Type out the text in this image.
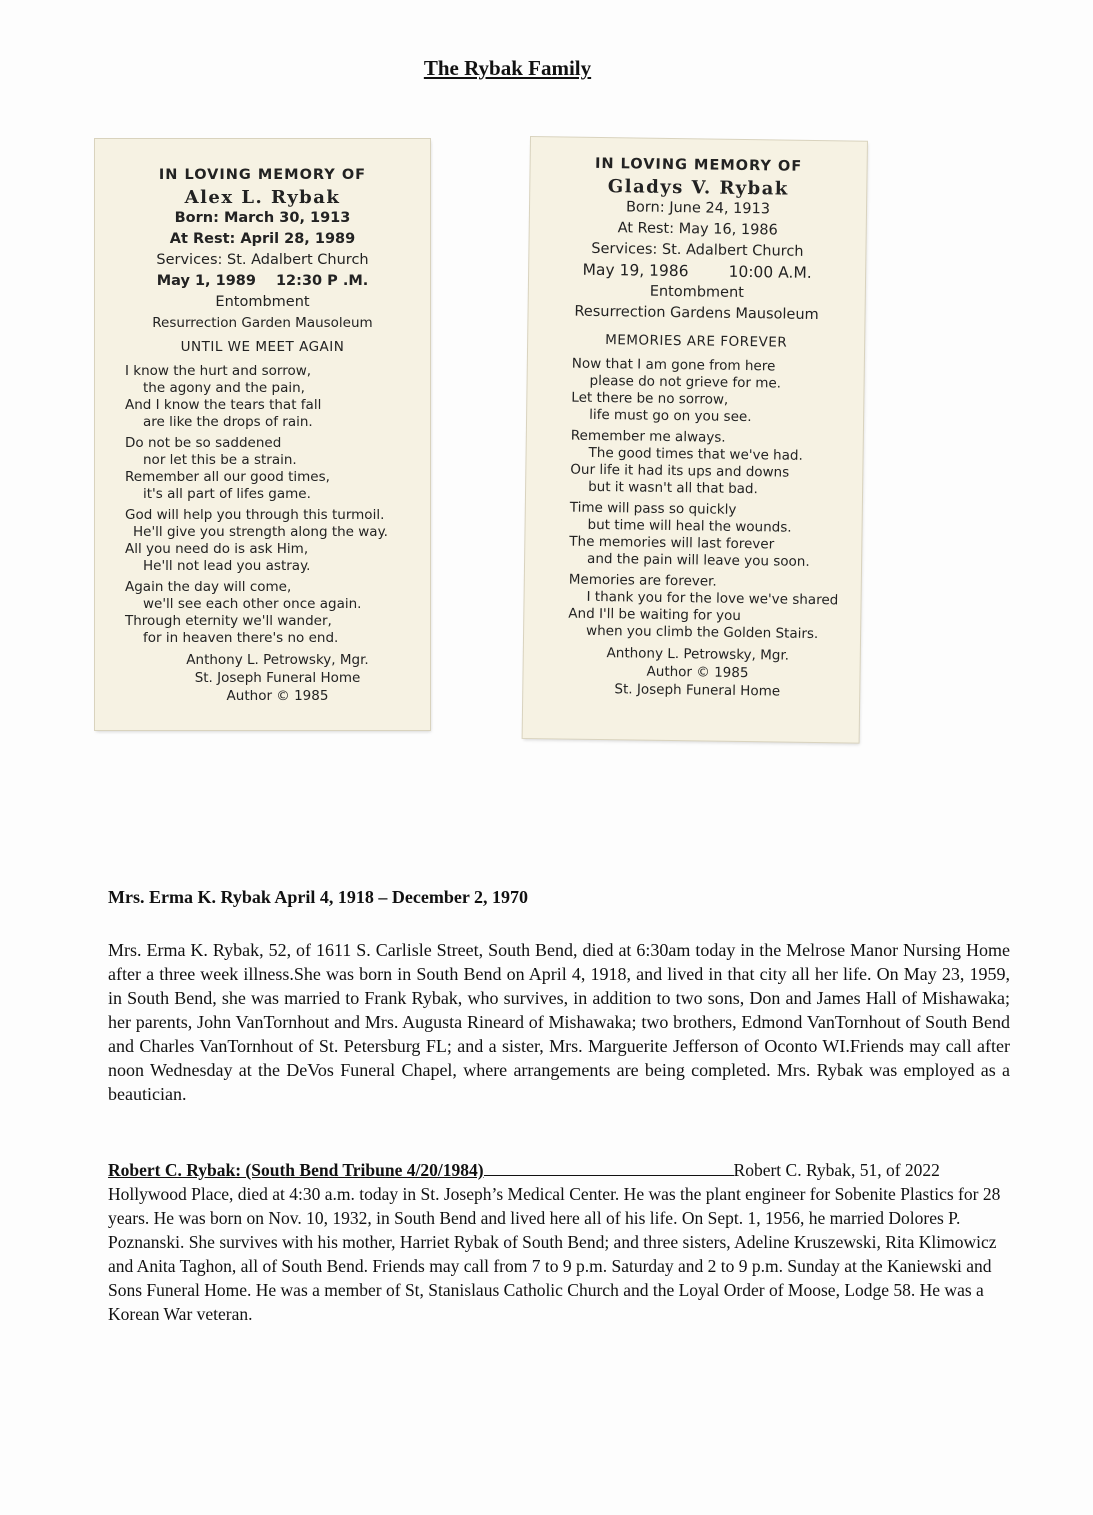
The Rybak Family
IN LOVING MEMORY OF
Alex L. Rybak
Born: March 30, 1913
At Rest: April 28, 1989
Services: St. Adalbert Church
May 1, 1989 12:30 P .M.
Entombment
Resurrection Garden Mausoleum
UNTIL WE MEET AGAIN
I know the hurt and sorrow,
the agony and the pain,
And I know the tears that fall
are like the drops of rain.
Do not be so saddened
nor let this be a strain.
Remember all our good times,
it's all part of lifes game.
God will help you through this turmoil.
He'll give you strength along the way.
All you need do is ask Him,
He'll not lead you astray.
Again the day will come,
we'll see each other once again.
Through eternity we'll wander,
for in heaven there's no end.
Anthony L. Petrowsky, Mgr.
St. Joseph Funeral Home
Author © 1985
IN LOVING MEMORY OF
Gladys V. Rybak
Born: June 24, 1913
At Rest: May 16, 1986
Services: St. Adalbert Church
May 19, 1986	10:00 A.M.
Entombment
Resurrection Gardens Mausoleum
MEMORIES ARE FOREVER
Now that I am gone from here
please do not grieve for me.
Let there be no sorrow,
life must go on you see.
Remember me always.
The good times that we've had.
Our life it had its ups and downs
but it wasn't all that bad.
Time will pass so quickly
but time will heal the wounds.
The memories will last forever
and the pain will leave you soon.
Memories are forever.
I thank you for the love we've shared
And I'll be waiting for you
when you climb the Golden Stairs.
Anthony L. Petrowsky, Mgr.
Author © 1985
St. Joseph Funeral Home
Mrs. Erma K. Rybak April 4, 1918 – December 2, 1970
Mrs. Erma K. Rybak, 52, of 1611 S. Carlisle Street, South Bend, died at 6:30am today in the Melrose Manor Nursing Home after a three week illness.She was born in South Bend on April 4, 1918, and lived in that city all her life. On May 23, 1959, in South Bend, she was married to Frank Rybak, who survives, in addition to two sons, Don and James Hall of Mishawaka; her parents, John VanTornhout and Mrs. Augusta Rineard of Mishawaka; two brothers, Edmond VanTornhout of South Bend and Charles VanTornhout of St. Petersburg FL; and a sister, Mrs. Marguerite Jefferson of Oconto WI.Friends may call after noon Wednesday at the DeVos Funeral Chapel, where arrangements are being completed. Mrs. Rybak was employed as a beautician.
Robert C. Rybak: (South Bend Tribune 4/20/1984)	Robert C. Rybak, 51, of 2022 Hollywood Place, died at 4:30 a.m. today in St. Joseph’s Medical Center. He was the plant engineer for Sobenite Plastics for 28 years. He was born on Nov. 10, 1932, in South Bend and lived here all of his life. On Sept. 1, 1956, he married Dolores P. Poznanski. She survives with his mother, Harriet Rybak of South Bend; and three sisters, Adeline Kruszewski, Rita Klimowicz and Anita Taghon, all of South Bend. Friends may call from 7 to 9 p.m. Saturday and 2 to 9 p.m. Sunday at the Kaniewski and Sons Funeral Home. He was a member of St, Stanislaus Catholic Church and the Loyal Order of Moose, Lodge 58. He was a Korean War veteran.
